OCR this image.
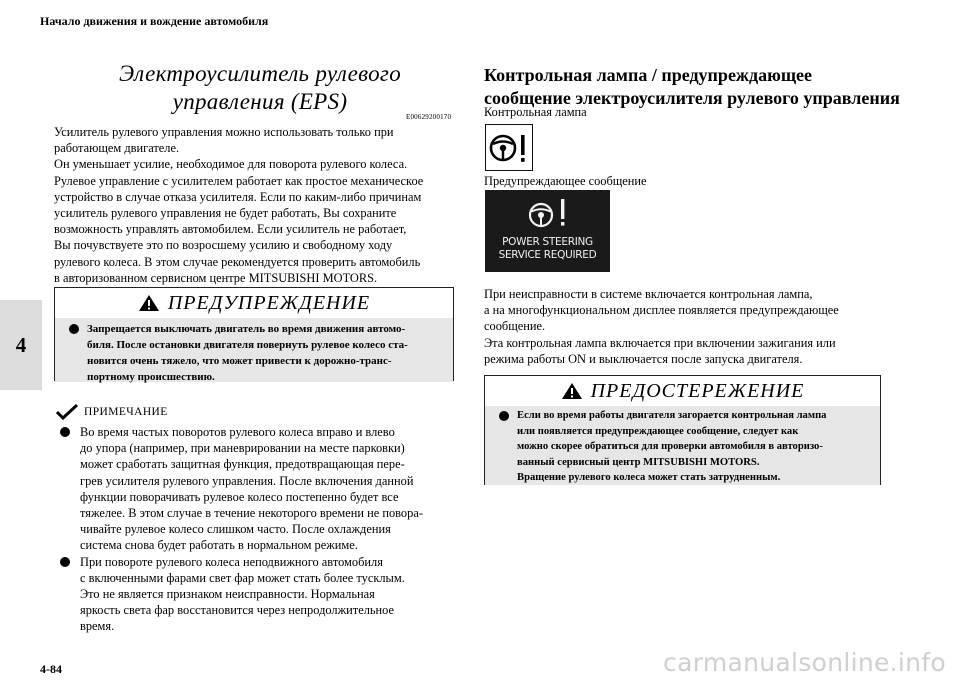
Начало движения и вождение автомобиля
4
Электроусилитель рулевого
управления (EPS)
E00629200170
Усилитель рулевого управления можно использовать только при
работающем двигателе.
Он уменьшает усилие, необходимое для поворота рулевого колеса.
Рулевое управление с усилителем работает как простое механическое
устройство в случае отказа усилителя. Если по каким-либо причинам
усилитель рулевого управления не будет работать, Вы сохраните
возможность управлять автомобилем. Если усилитель не работает,
Вы почувствуете это по возросшему усилию и свободному ходу
рулевого колеса. В этом случае рекомендуется проверить автомобиль
в авторизованном сервисном центре MITSUBISHI MOTORS.
ПРЕДУПРЕЖДЕНИЕ
Запрещается выключать двигатель во время движения автомо-
биля. После остановки двигателя повернуть рулевое колесо ста-
новится очень тяжело, что может привести к дорожно-транс-
портному происшествию.
ПРИМЕЧАНИЕ
Во время частых поворотов рулевого колеса вправо и влево
до упора (например, при маневрировании на месте парковки)
может сработать защитная функция, предотвращающая пере-
грев усилителя рулевого управления. После включения данной
функции поворачивать рулевое колесо постепенно будет все
тяжелее. В этом случае в течение некоторого времени не повора-
чивайте рулевое колесо слишком часто. После охлаждения
система снова будет работать в нормальном режиме.
При повороте рулевого колеса неподвижного автомобиля
с включенными фарами свет фар может стать более тусклым.
Это не является признаком неисправности. Нормальная
яркость света фар восстановится через непродолжительное
время.
Контрольная лампа / предупреждающее
сообщение электроусилителя рулевого управления
Контрольная лампа
Предупреждающее сообщение
POWER STEERING
SERVICE REQUIRED
При неисправности в системе включается контрольная лампа,
а на многофункциональном дисплее появляется предупреждающее
сообщение.
Эта контрольная лампа включается при включении зажигания или
режима работы ON и выключается после запуска двигателя.
ПРЕДОСТЕРЕЖЕНИЕ
Если во время работы двигателя загорается контрольная лампа
или появляется предупреждающее сообщение, следует как
можно скорее обратиться для проверки автомобиля в авторизо-
ванный сервисный центр MITSUBISHI MOTORS.
Вращение рулевого колеса может стать затрудненным.
4-84	carmanualsonline.info
